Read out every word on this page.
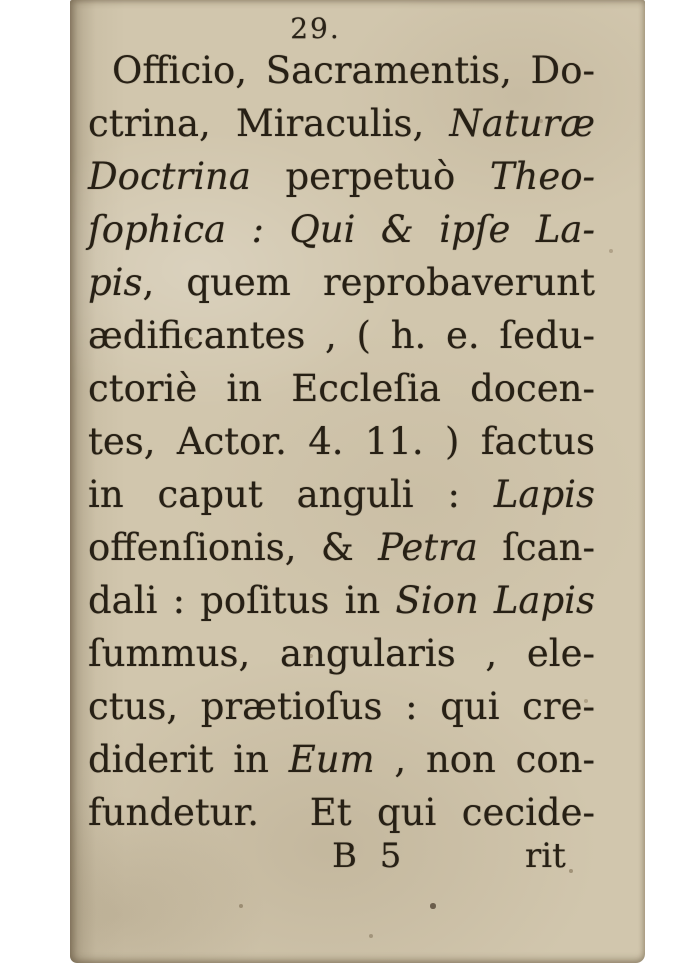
29.
Officio, Sacramentis, Do-
ctrina, Miraculis, Naturæ
Doctrina perpetuò Theo-
ſophica : Qui & ipſe La-
pis, quem reprobaverunt
ædificantes , ( h. e. ſedu-
ctoriè in Eccleſia docen-
tes, Actor. 4. 11. ) factus
in caput anguli : Lapis
offenſionis, & Petra ſcan-
dali : poſitus in Sion Lapis
ſummus, angularis , ele-
ctus, prætioſus : qui cre-
diderit in Eum , non con-
fundetur.  Et qui cecide-
B 5	rit
